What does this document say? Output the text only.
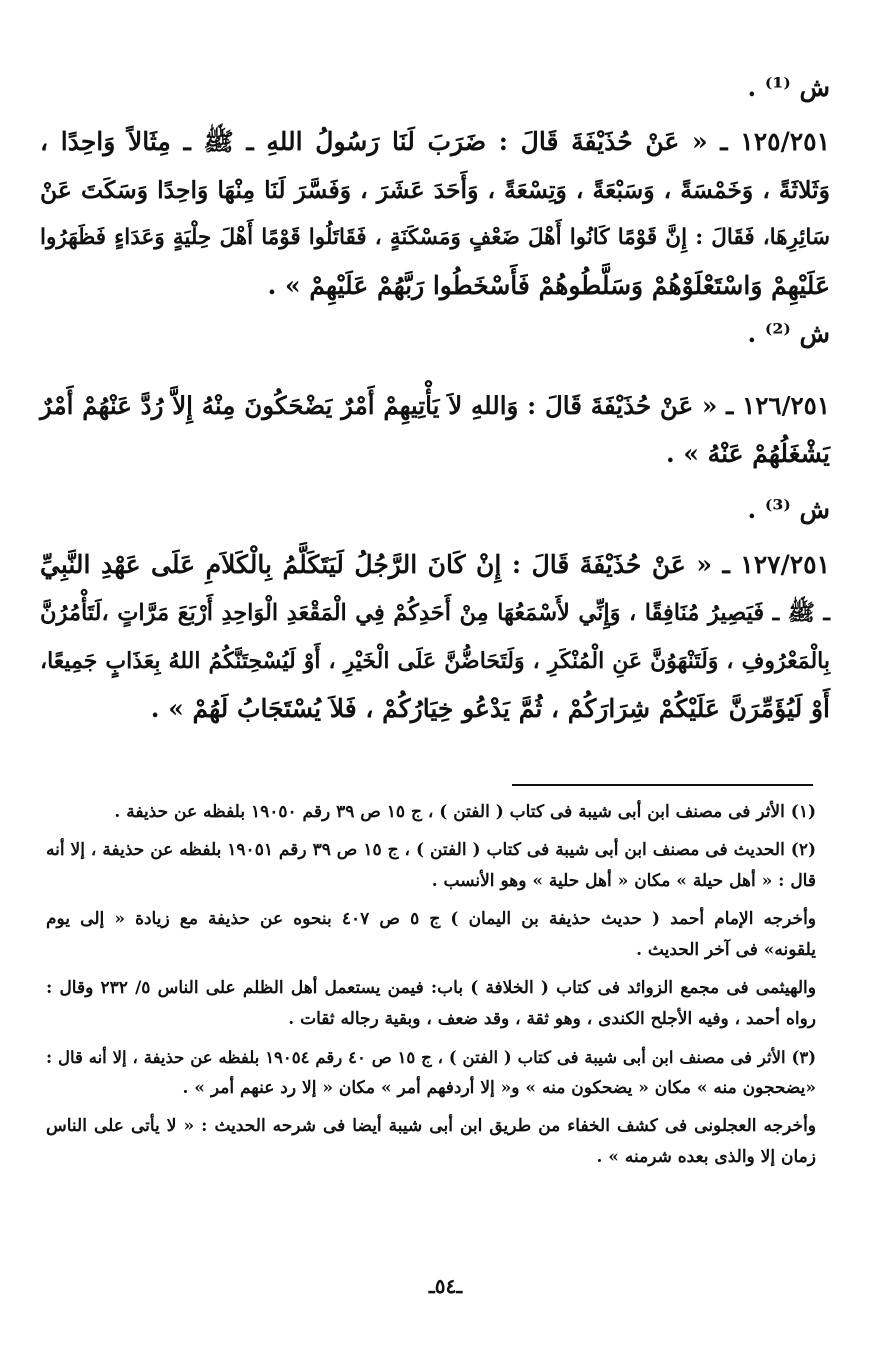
ش ⁽¹⁾ .
١٢٥/٢٥١ ـ « عَنْ حُذَيْفَةَ قَالَ : ضَرَبَ لَنَا رَسُولُ اللهِ ـ ﷺ ـ مِثَالاً وَاحِدًا ،
وَثَلاثَةً ، وَخَمْسَةً ، وَسَبْعَةً ، وَتِسْعَةً ، وَأَحَدَ عَشَرَ ، وَفَسَّرَ لَنَا مِنْهَا وَاحِدًا وَسَكَتَ عَنْ
سَائِرِهَا، فَقَالَ : إِنَّ قَوْمًا كَانُوا أَهْلَ ضَعْفٍ وَمَسْكَنَةٍ ، فَقَاتَلُوا قَوْمًا أَهْلَ حِلْيَةٍ وَعَدَاءٍ فَظَهَرُوا
عَلَيْهِمْ وَاسْتَعْلَوْهُمْ وَسَلَّطُوهُمْ فَأَسْخَطُوا رَبَّهُمْ عَلَيْهِمْ » .
ش ⁽²⁾ .
١٢٦/٢٥١ ـ « عَنْ حُذَيْفَةَ قَالَ : وَاللهِ لاَ يَأْتِيهِمْ أَمْرٌ يَضْحَكُونَ مِنْهُ إِلاَّ رُدَّ عَنْهُمْ أَمْرٌ
يَشْغَلُهُمْ عَنْهُ » .
ش ⁽³⁾ .
١٢٧/٢٥١ ـ « عَنْ حُذَيْفَةَ قَالَ : إِنْ كَانَ الرَّجُلُ لَيَتَكَلَّمُ بِالْكَلاَمِ عَلَى عَهْدِ النَّبِيِّ
ـ ﷺ ـ فَيَصِيرُ مُنَافِقًا ، وَإِنِّي لأَسْمَعُهَا مِنْ أَحَدِكُمْ فِي الْمَقْعَدِ الْوَاحِدِ أَرْبَعَ مَرَّاتٍ ،لَتَأْمُرُنَّ
بِالْمَعْرُوفِ ، وَلَتَنْهَوُنَّ عَنِ الْمُنْكَرِ ، وَلَتَحَاضُّنَّ عَلَى الْخَيْرِ ، أَوْ لَيُسْحِتَنَّكُمُ اللهُ بِعَذَابٍ جَمِيعًا،
أَوْ لَيُؤَمِّرَنَّ عَلَيْكُمْ شِرَارَكُمْ ، ثُمَّ يَدْعُو خِيَارُكُمْ ، فَلاَ يُسْتَجَابُ لَهُمْ » .
(١) الأثر فى مصنف ابن أبى شيبة فى كتاب ( الفتن ) ، ج ١٥ ص ٣٩ رقم ١٩٠٥٠ بلفظه عن حذيفة .
(٢) الحديث فى مصنف ابن أبى شيبة فى كتاب ( الفتن ) ، ج ١٥ ص ٣٩ رقم ١٩٠٥١ بلفظه عن حذيفة ، إلا أنه
قال : « أهل حيلة » مكان « أهل حلية » وهو الأنسب .
وأخرجه الإمام أحمد ( حديث حذيفة بن اليمان ) ج ٥ ص ٤٠٧ بنحوه عن حذيفة مع زيادة « إلى يوم
يلقونه» فى آخر الحديث .
والهيثمى فى مجمع الزوائد فى كتاب ( الخلافة ) باب: فيمن يستعمل أهل الظلم على الناس ٥/ ٢٣٢ وقال :
رواه أحمد ، وفيه الأجلح الكندى ، وهو ثقة ، وقد ضعف ، وبقية رجاله ثقات .
(٣) الأثر فى مصنف ابن أبى شيبة فى كتاب ( الفتن ) ، ج ١٥ ص ٤٠ رقم ١٩٠٥٤ بلفظه عن حذيفة ، إلا أنه قال :
«يضحجون منه » مكان « يضحكون منه » و« إلا أردفهم أمر » مكان « إلا رد عنهم أمر » .
وأخرجه العجلونى فى كشف الخفاء من طريق ابن أبى شيبة أيضا فى شرحه الحديث : « لا يأتى على الناس
زمان إلا والذى بعده شرمنه » .
ـ٥٤ـ
